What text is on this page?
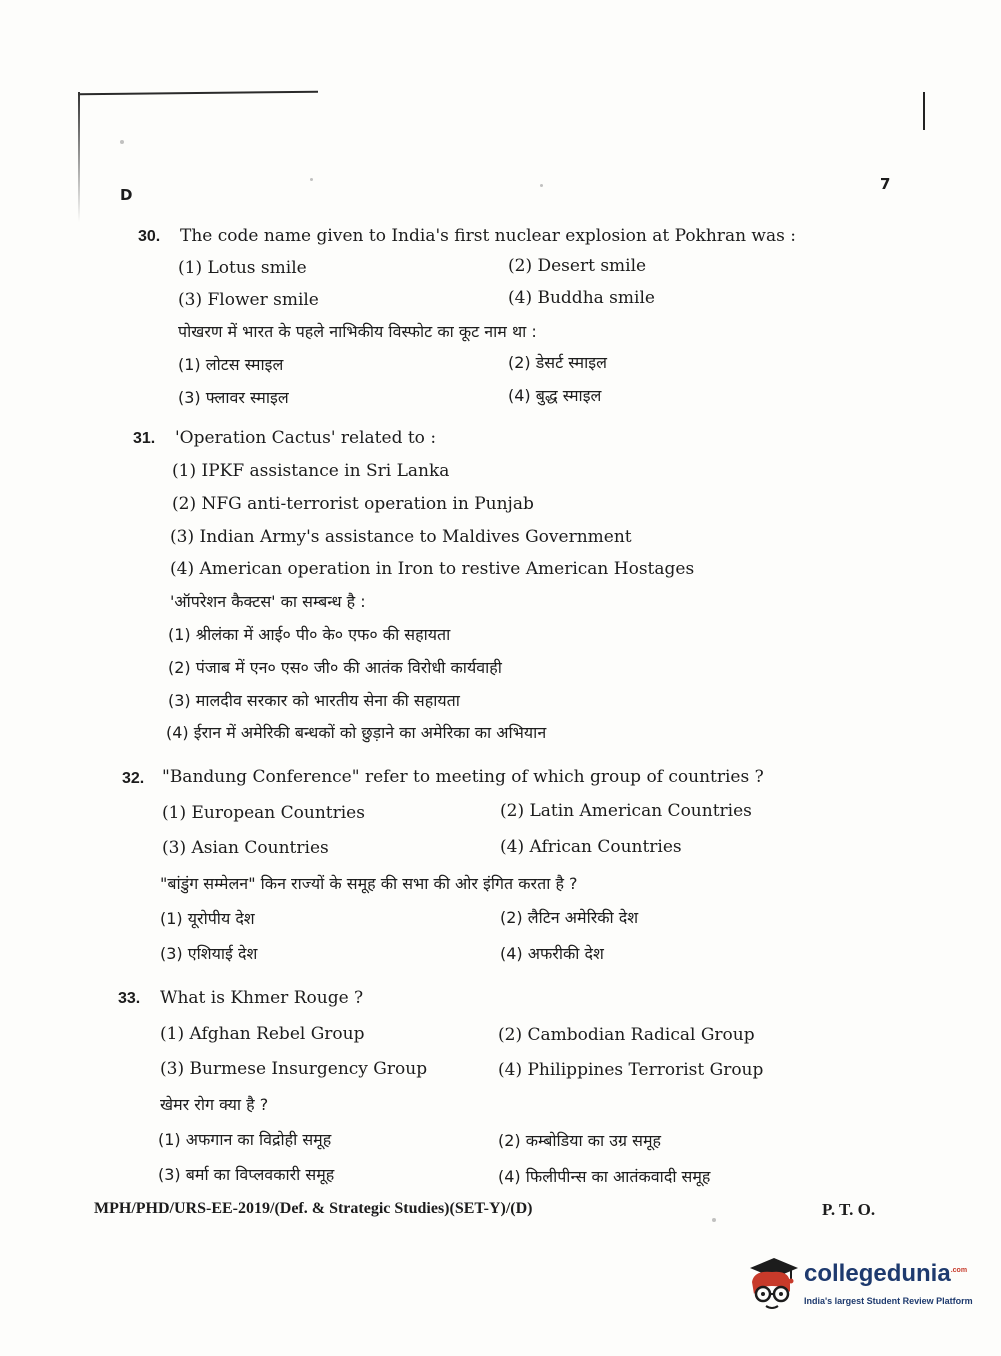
D
7
30. The code name given to India's first nuclear explosion at Pokhran was :
(1) Lotus smile	(2) Desert smile
(3) Flower smile	(4) Buddha smile
पोखरण में भारत के पहले नाभिकीय विस्फोट का कूट नाम था :
(1) लोटस स्माइल	(2) डेसर्ट स्माइल
(3) फ्लावर स्माइल	(4) बुद्ध स्माइल
31. 'Operation Cactus' related to :
(1) IPKF assistance in Sri Lanka
(2) NFG anti-terrorist operation in Punjab
(3) Indian Army's assistance to Maldives Government
(4) American operation in Iron to restive American Hostages
'ऑपरेशन कैक्टस' का सम्बन्ध है :
(1) श्रीलंका में आई० पी० के० एफ० की सहायता
(2) पंजाब में एन० एस० जी० की आतंक विरोधी कार्यवाही
(3) मालदीव सरकार को भारतीय सेना की सहायता
(4) ईरान में अमेरिकी बन्धकों को छुड़ाने का अमेरिका का अभियान
32. "Bandung Conference" refer to meeting of which group of countries ?
(1) European Countries	(2) Latin American Countries
(3) Asian Countries	(4) African Countries
"बांडुंग सम्मेलन" किन राज्यों के समूह की सभा की ओर इंगित करता है ?
(1) यूरोपीय देश	(2) लैटिन अमेरिकी देश
(3) एशियाई देश	(4) अफरीकी देश
33. What is Khmer Rouge ?
(1) Afghan Rebel Group	(2) Cambodian Radical Group
(3) Burmese Insurgency Group	(4) Philippines Terrorist Group
खेमर रोग क्या है ?
(1) अफगान का विद्रोही समूह	(2) कम्बोडिया का उग्र समूह
(3) बर्मा का विप्लवकारी समूह	(4) फिलीपीन्स का आतंकवादी समूह
MPH/PHD/URS-EE-2019/(Def. & Strategic Studies)(SET-Y)/(D)	P. T. O.
collegedunia$^{.com}$
India's largest Student Review Platform
